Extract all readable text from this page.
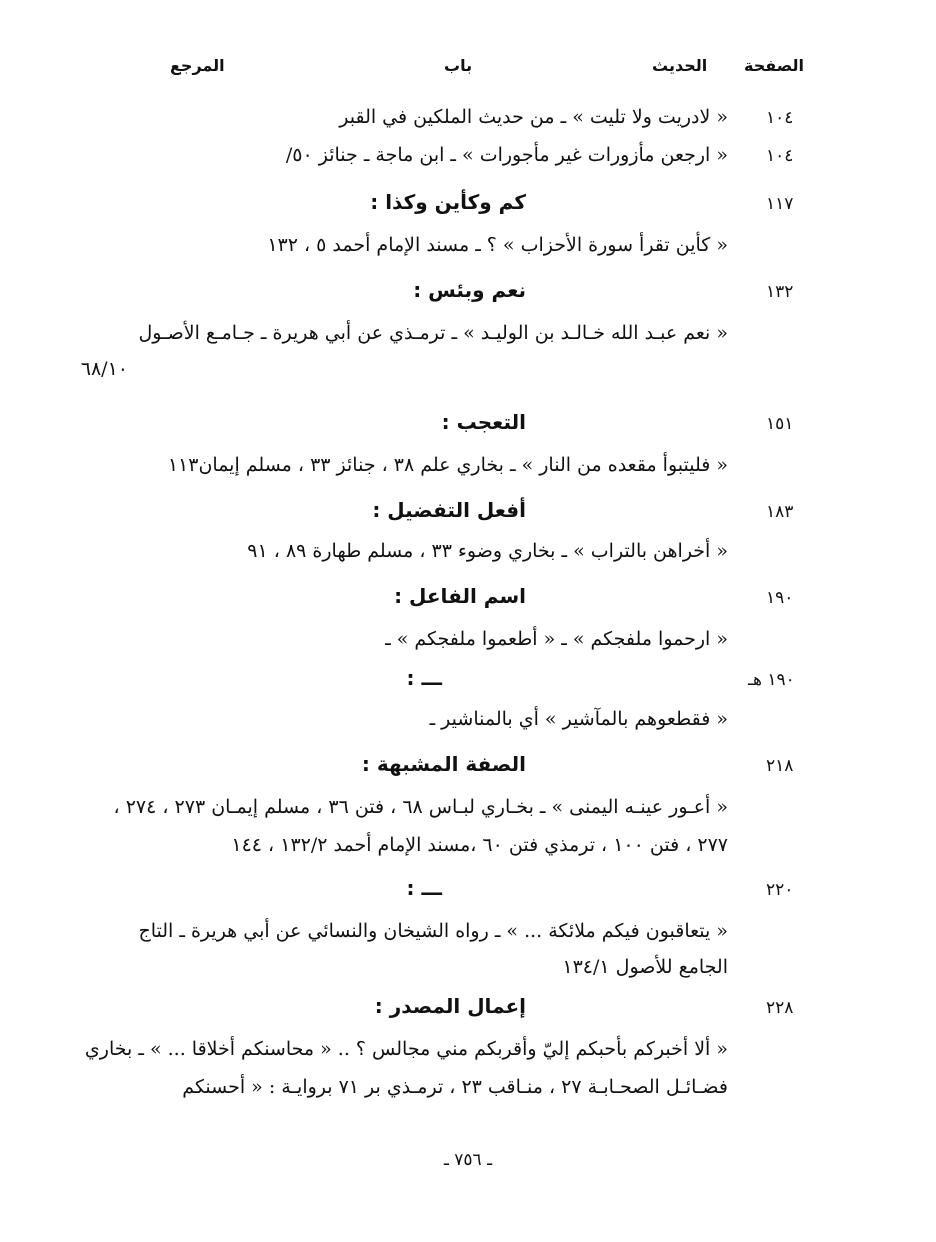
الصفحة
الحديث
باب
المرجع
١٠٤
« لادريت ولا تليت » ـ من حديث الملكين في القبر
١٠٤
« ارجعن مأزورات غير مأجورات » ـ ابن ماجة ـ جنائز ٥٠/
١١٧
كم وكأين وكذا :
« كأين تقرأ سورة الأحزاب » ؟ ـ مسند الإمام أحمد ٥ ، ١٣٢
١٣٢
نعم وبئس :
« نعم عبـد الله خـالـد بن الوليـد » ـ ترمـذي عن أبي هريرة ـ جـامـع الأصـول
٦٨/١٠
١٥١
التعجب :
« فليتبوأ مقعده من النار » ـ بخاري علم ٣٨ ، جنائز ٣٣ ، مسلم إيمان١١٣
١٨٣
أفعل التفضيل :
« أخراهن بالتراب » ـ بخاري وضوء ٣٣ ، مسلم طهارة ٨٩ ، ٩١
١٩٠
اسم الفاعل :
« ارحموا ملفجكم » ـ « أطعموا ملفجكم » ـ
١٩٠ هـ
ـــ :
« فقطعوهم بالمآشير » أي بالمناشير ـ
٢١٨
الصفة المشبهة :
« أعـور عينـه اليمنى » ـ بخـاري لبـاس ٦٨ ، فتن ٣٦ ، مسلم إيمـان ٢٧٣ ، ٢٧٤ ،
٢٧٧ ، فتن ١٠٠ ، ترمذي فتن ٦٠ ،مسند الإمام أحمد ١٣٢/٢ ، ١٤٤
٢٢٠
ـــ :
« يتعاقبون فيكم ملائكة ... » ـ رواه الشيخان والنسائي عن أبي هريرة ـ التاج
الجامع للأصول ١٣٤/١
٢٢٨
إعمال المصدر :
« ألا أخبركم بأحبكم إليّ وأقربكم مني مجالس ؟ .. « محاسنكم أخلاقا ... » ـ بخاري
فضـائـل الصحـابـة ٢٧ ، منـاقب ٢٣ ، ترمـذي بر ٧١ بروايـة : « أحسنكم
ـ ٧٥٦ ـ
